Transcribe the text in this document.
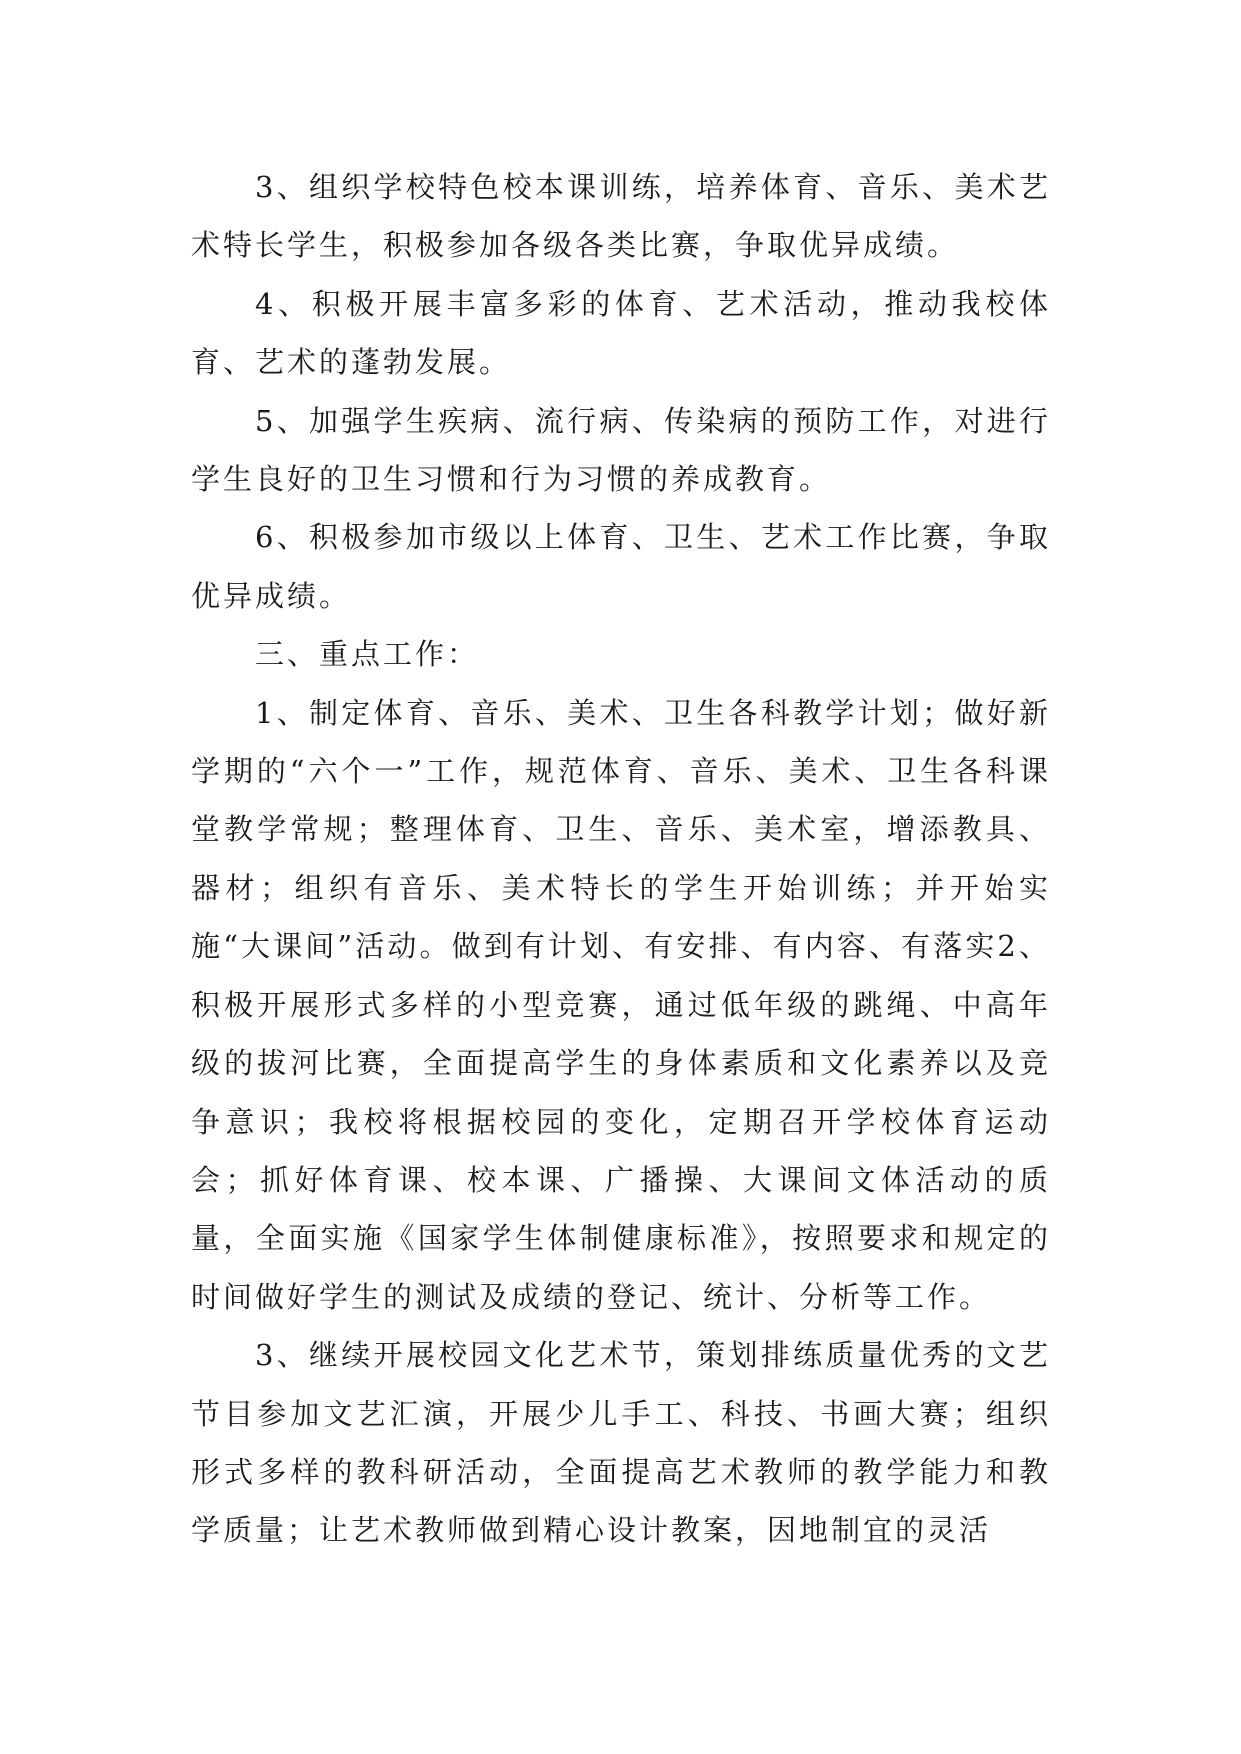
3、组织学校特色校本课训练，培养体育、音乐、美术艺术特长学生，积极参加各级各类比赛，争取优异成绩。

4、积极开展丰富多彩的体育、艺术活动，推动我校体育、艺术的蓬勃发展。

5、加强学生疾病、流行病、传染病的预防工作，对进行学生良好的卫生习惯和行为习惯的养成教育。

6、积极参加市级以上体育、卫生、艺术工作比赛，争取优异成绩。

三、重点工作：

1、制定体育、音乐、美术、卫生各科教学计划；做好新学期的“六个一”工作，规范体育、音乐、美术、卫生各科课堂教学常规；整理体育、卫生、音乐、美术室，增添教具、器材；组织有音乐、美术特长的学生开始训练；并开始实施“大课间”活动。做到有计划、有安排、有内容、有落实2、积极开展形式多样的小型竞赛，通过低年级的跳绳、中高年级的拔河比赛，全面提高学生的身体素质和文化素养以及竞争意识；我校将根据校园的变化，定期召开学校体育运动会；抓好体育课、校本课、广播操、大课间文体活动的质量，全面实施《国家学生体制健康标准》，按照要求和规定的时间做好学生的测试及成绩的登记、统计、分析等工作。

3、继续开展校园文化艺术节，策划排练质量优秀的文艺节目参加文艺汇演，开展少儿手工、科技、书画大赛；组织形式多样的教科研活动，全面提高艺术教师的教学能力和教学质量；让艺术教师做到精心设计教案，因地制宜的灵活
